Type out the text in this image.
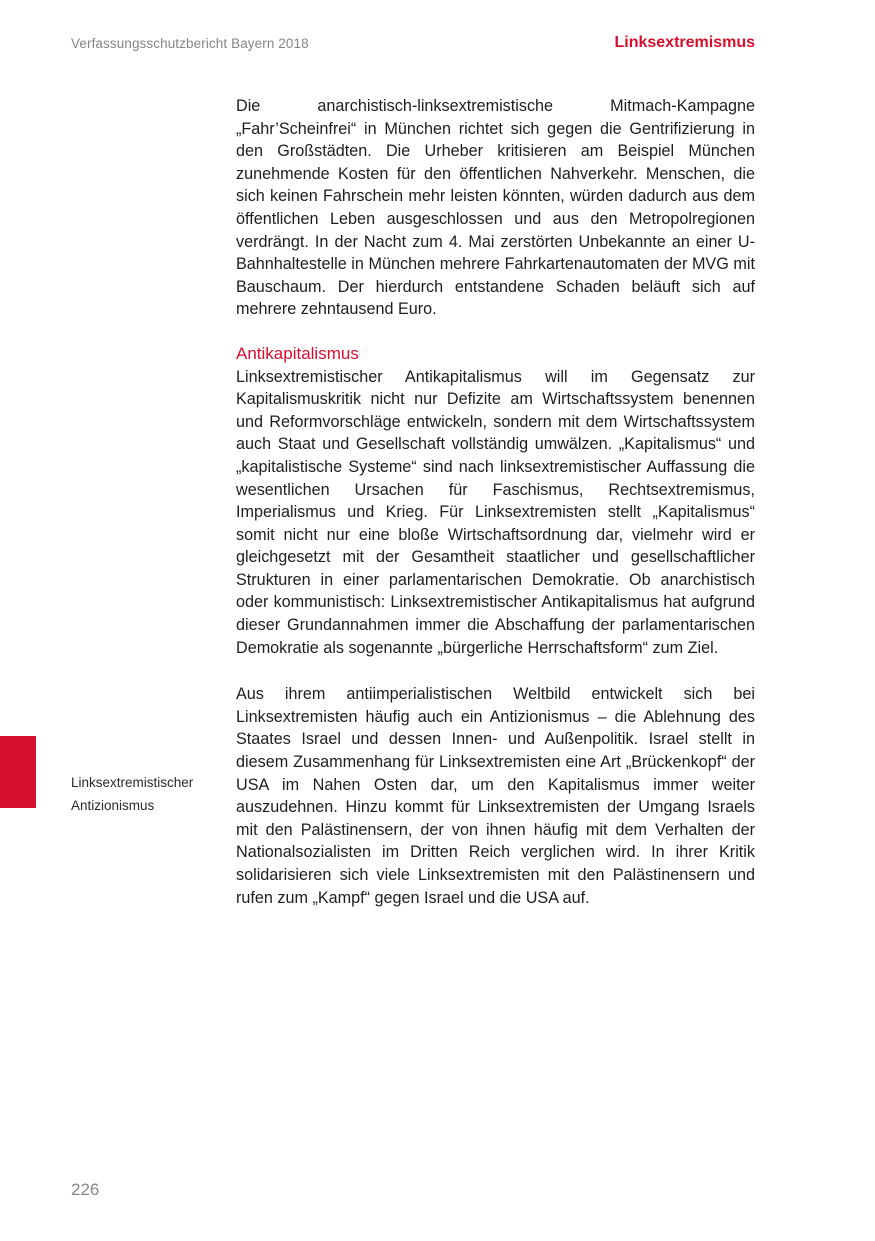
Verfassungsschutzbericht Bayern 2018	Linksextremismus
Linksextremistischer
Antizionismus

Die anarchistisch-linksextremistische Mitmach-Kampagne „Fahr’Scheinfrei“ in München richtet sich gegen die Gentrifizierung in den Großstädten. Die Urheber kritisieren am Beispiel München zunehmende Kosten für den öffentlichen Nahverkehr. Menschen, die sich keinen Fahrschein mehr leisten könnten, würden dadurch aus dem öffentlichen Leben ausgeschlossen und aus den Metropolregionen verdrängt. In der Nacht zum 4. Mai zerstörten Unbekannte an einer U-Bahnhaltestelle in München mehrere Fahrkartenautomaten der MVG mit Bauschaum. Der hierdurch entstandene Schaden beläuft sich auf mehrere zehntausend Euro.

Antikapitalismus

Linksextremistischer Antikapitalismus will im Gegensatz zur Kapitalismuskritik nicht nur Defizite am Wirtschaftssystem benennen und Reformvorschläge entwickeln, sondern mit dem Wirtschaftssystem auch Staat und Gesellschaft vollständig umwälzen. „Kapitalismus“ und „kapitalistische Systeme“ sind nach linksextremistischer Auffassung die wesentlichen Ursachen für Faschismus, Rechtsextremismus, Imperialismus und Krieg. Für Linksextremisten stellt „Kapitalismus“ somit nicht nur eine bloße Wirtschaftsordnung dar, vielmehr wird er gleichgesetzt mit der Gesamtheit staatlicher und gesellschaftlicher Strukturen in einer parlamentarischen Demokratie. Ob anarchistisch oder kommunistisch: Linksextremistischer Antikapitalismus hat aufgrund dieser Grundannahmen immer die Abschaffung der parlamentarischen Demokratie als sogenannte „bürgerliche Herrschaftsform“ zum Ziel.

Aus ihrem antiimperialistischen Weltbild entwickelt sich bei Linksextremisten häufig auch ein Antizionismus – die Ablehnung des Staates Israel und dessen Innen- und Außenpolitik. Israel stellt in diesem Zusammenhang für Linksextremisten eine Art „Brückenkopf“ der USA im Nahen Osten dar, um den Kapitalismus immer weiter auszudehnen. Hinzu kommt für Linksextremisten der Umgang Israels mit den Palästinensern, der von ihnen häufig mit dem Verhalten der Nationalsozialisten im Dritten Reich verglichen wird. In ihrer Kritik solidarisieren sich viele Linksextremisten mit den Palästinensern und rufen zum „Kampf“ gegen Israel und die USA auf.

226
